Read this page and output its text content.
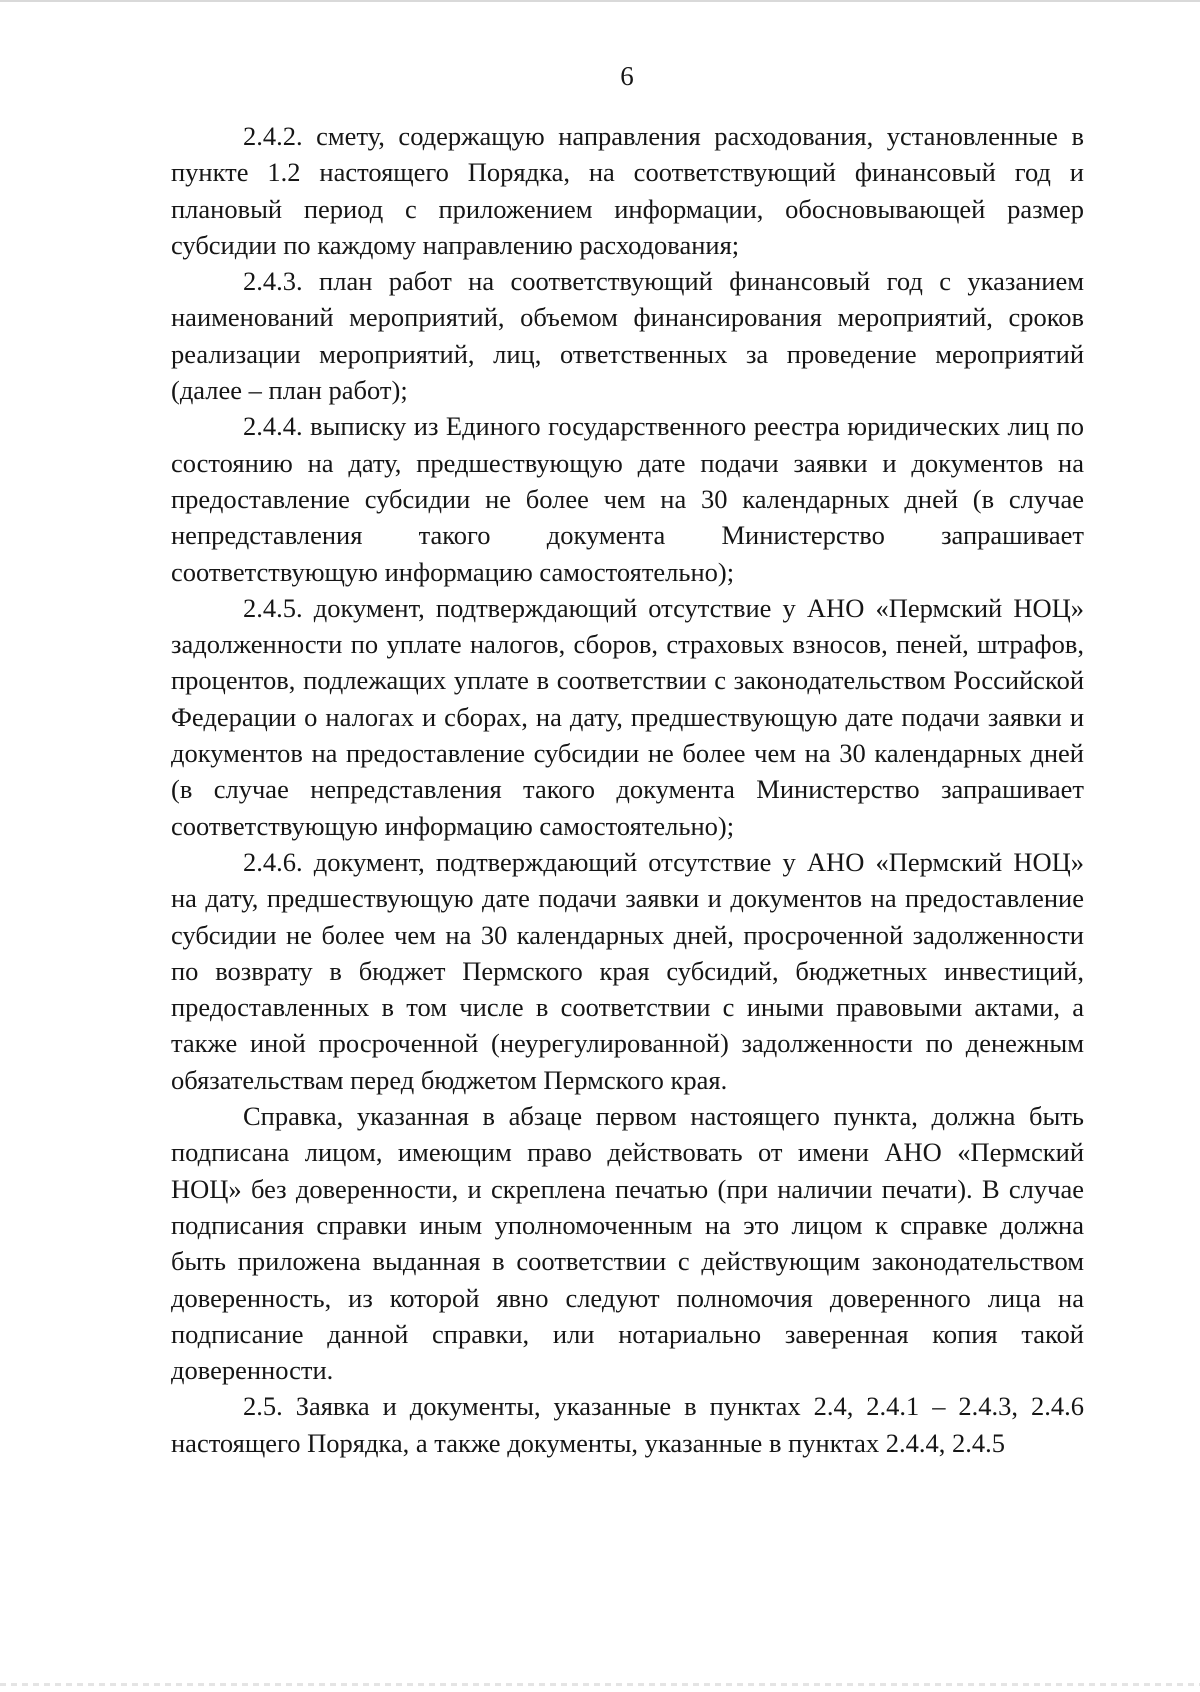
6

2.4.2. смету, содержащую направления расходования, установленные в пункте 1.2 настоящего Порядка, на соответствующий финансовый год и плановый период с приложением информации, обосновывающей размер субсидии по каждому направлению расходования;

2.4.3. план работ на соответствующий финансовый год с указанием наименований мероприятий, объемом финансирования мероприятий, сроков реализации мероприятий, лиц, ответственных за проведение мероприятий (далее – план работ);

2.4.4. выписку из Единого государственного реестра юридических лиц по состоянию на дату, предшествующую дате подачи заявки и документов на предоставление субсидии не более чем на 30 календарных дней (в случае непредставления такого документа Министерство запрашивает соответствующую информацию самостоятельно);

2.4.5. документ, подтверждающий отсутствие у АНО «Пермский НОЦ» задолженности по уплате налогов, сборов, страховых взносов, пеней, штрафов, процентов, подлежащих уплате в соответствии с законодательством Российской Федерации о налогах и сборах, на дату, предшествующую дате подачи заявки и документов на предоставление субсидии не более чем на 30 календарных дней (в случае непредставления такого документа Министерство запрашивает соответствующую информацию самостоятельно);

2.4.6. документ, подтверждающий отсутствие у АНО «Пермский НОЦ» на дату, предшествующую дате подачи заявки и документов на предоставление субсидии не более чем на 30 календарных дней, просроченной задолженности по возврату в бюджет Пермского края субсидий, бюджетных инвестиций, предоставленных в том числе в соответствии с иными правовыми актами, а также иной просроченной (неурегулированной) задолженности по денежным обязательствам перед бюджетом Пермского края.

Справка, указанная в абзаце первом настоящего пункта, должна быть подписана лицом, имеющим право действовать от имени АНО «Пермский НОЦ» без доверенности, и скреплена печатью (при наличии печати). В случае подписания справки иным уполномоченным на это лицом к справке должна быть приложена выданная в соответствии с действующим законодательством доверенность, из которой явно следуют полномочия доверенного лица на подписание данной справки, или нотариально заверенная копия такой доверенности.

2.5. Заявка и документы, указанные в пунктах 2.4, 2.4.1 – 2.4.3, 2.4.6 настоящего Порядка, а также документы, указанные в пунктах 2.4.4, 2.4.5
